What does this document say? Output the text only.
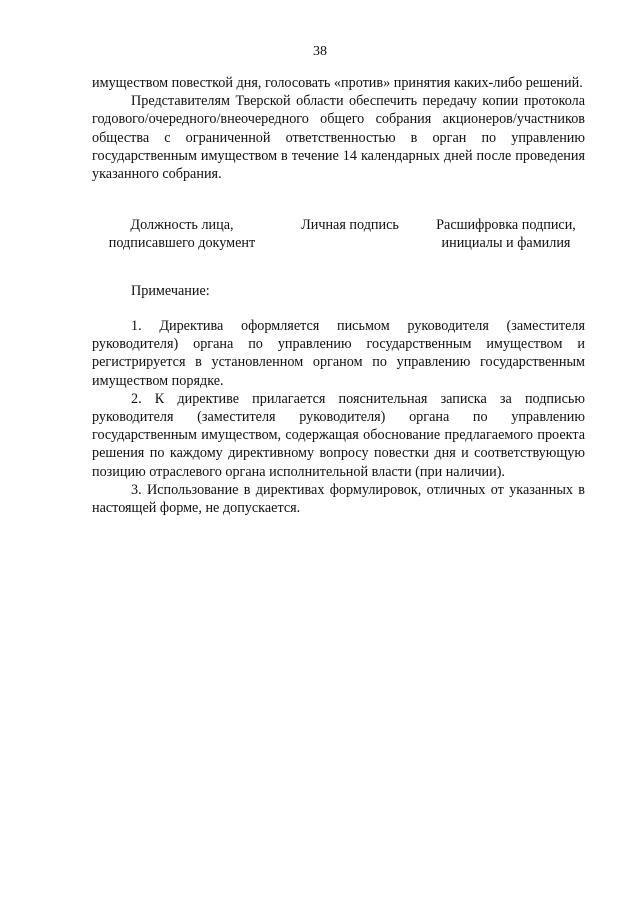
38

имуществом повесткой дня, голосовать «против» принятия каких-либо решений.

Представителям Тверской области обеспечить передачу копии протокола годового/очередного/внеочередного общего собрания акционеров/участников общества с ограниченной ответственностью в орган по управлению государственным имуществом в течение 14 календарных дней после проведения указанного собрания.

Должность лица,
подписавшего документ
Личная подпись	Расшифровка подписи,
инициалы и фамилия
Примечание:

1. Директива оформляется письмом руководителя (заместителя руководителя) органа по управлению государственным имуществом и регистрируется в установленном органом по управлению государственным имуществом порядке.

2. К директиве прилагается пояснительная записка за подписью руководителя (заместителя руководителя) органа по управлению государственным имуществом, содержащая обоснование предлагаемого проекта решения по каждому директивному вопросу повестки дня и соответствующую позицию отраслевого органа исполнительной власти (при наличии).

3. Использование в директивах формулировок, отличных от указанных в настоящей форме, не допускается.
